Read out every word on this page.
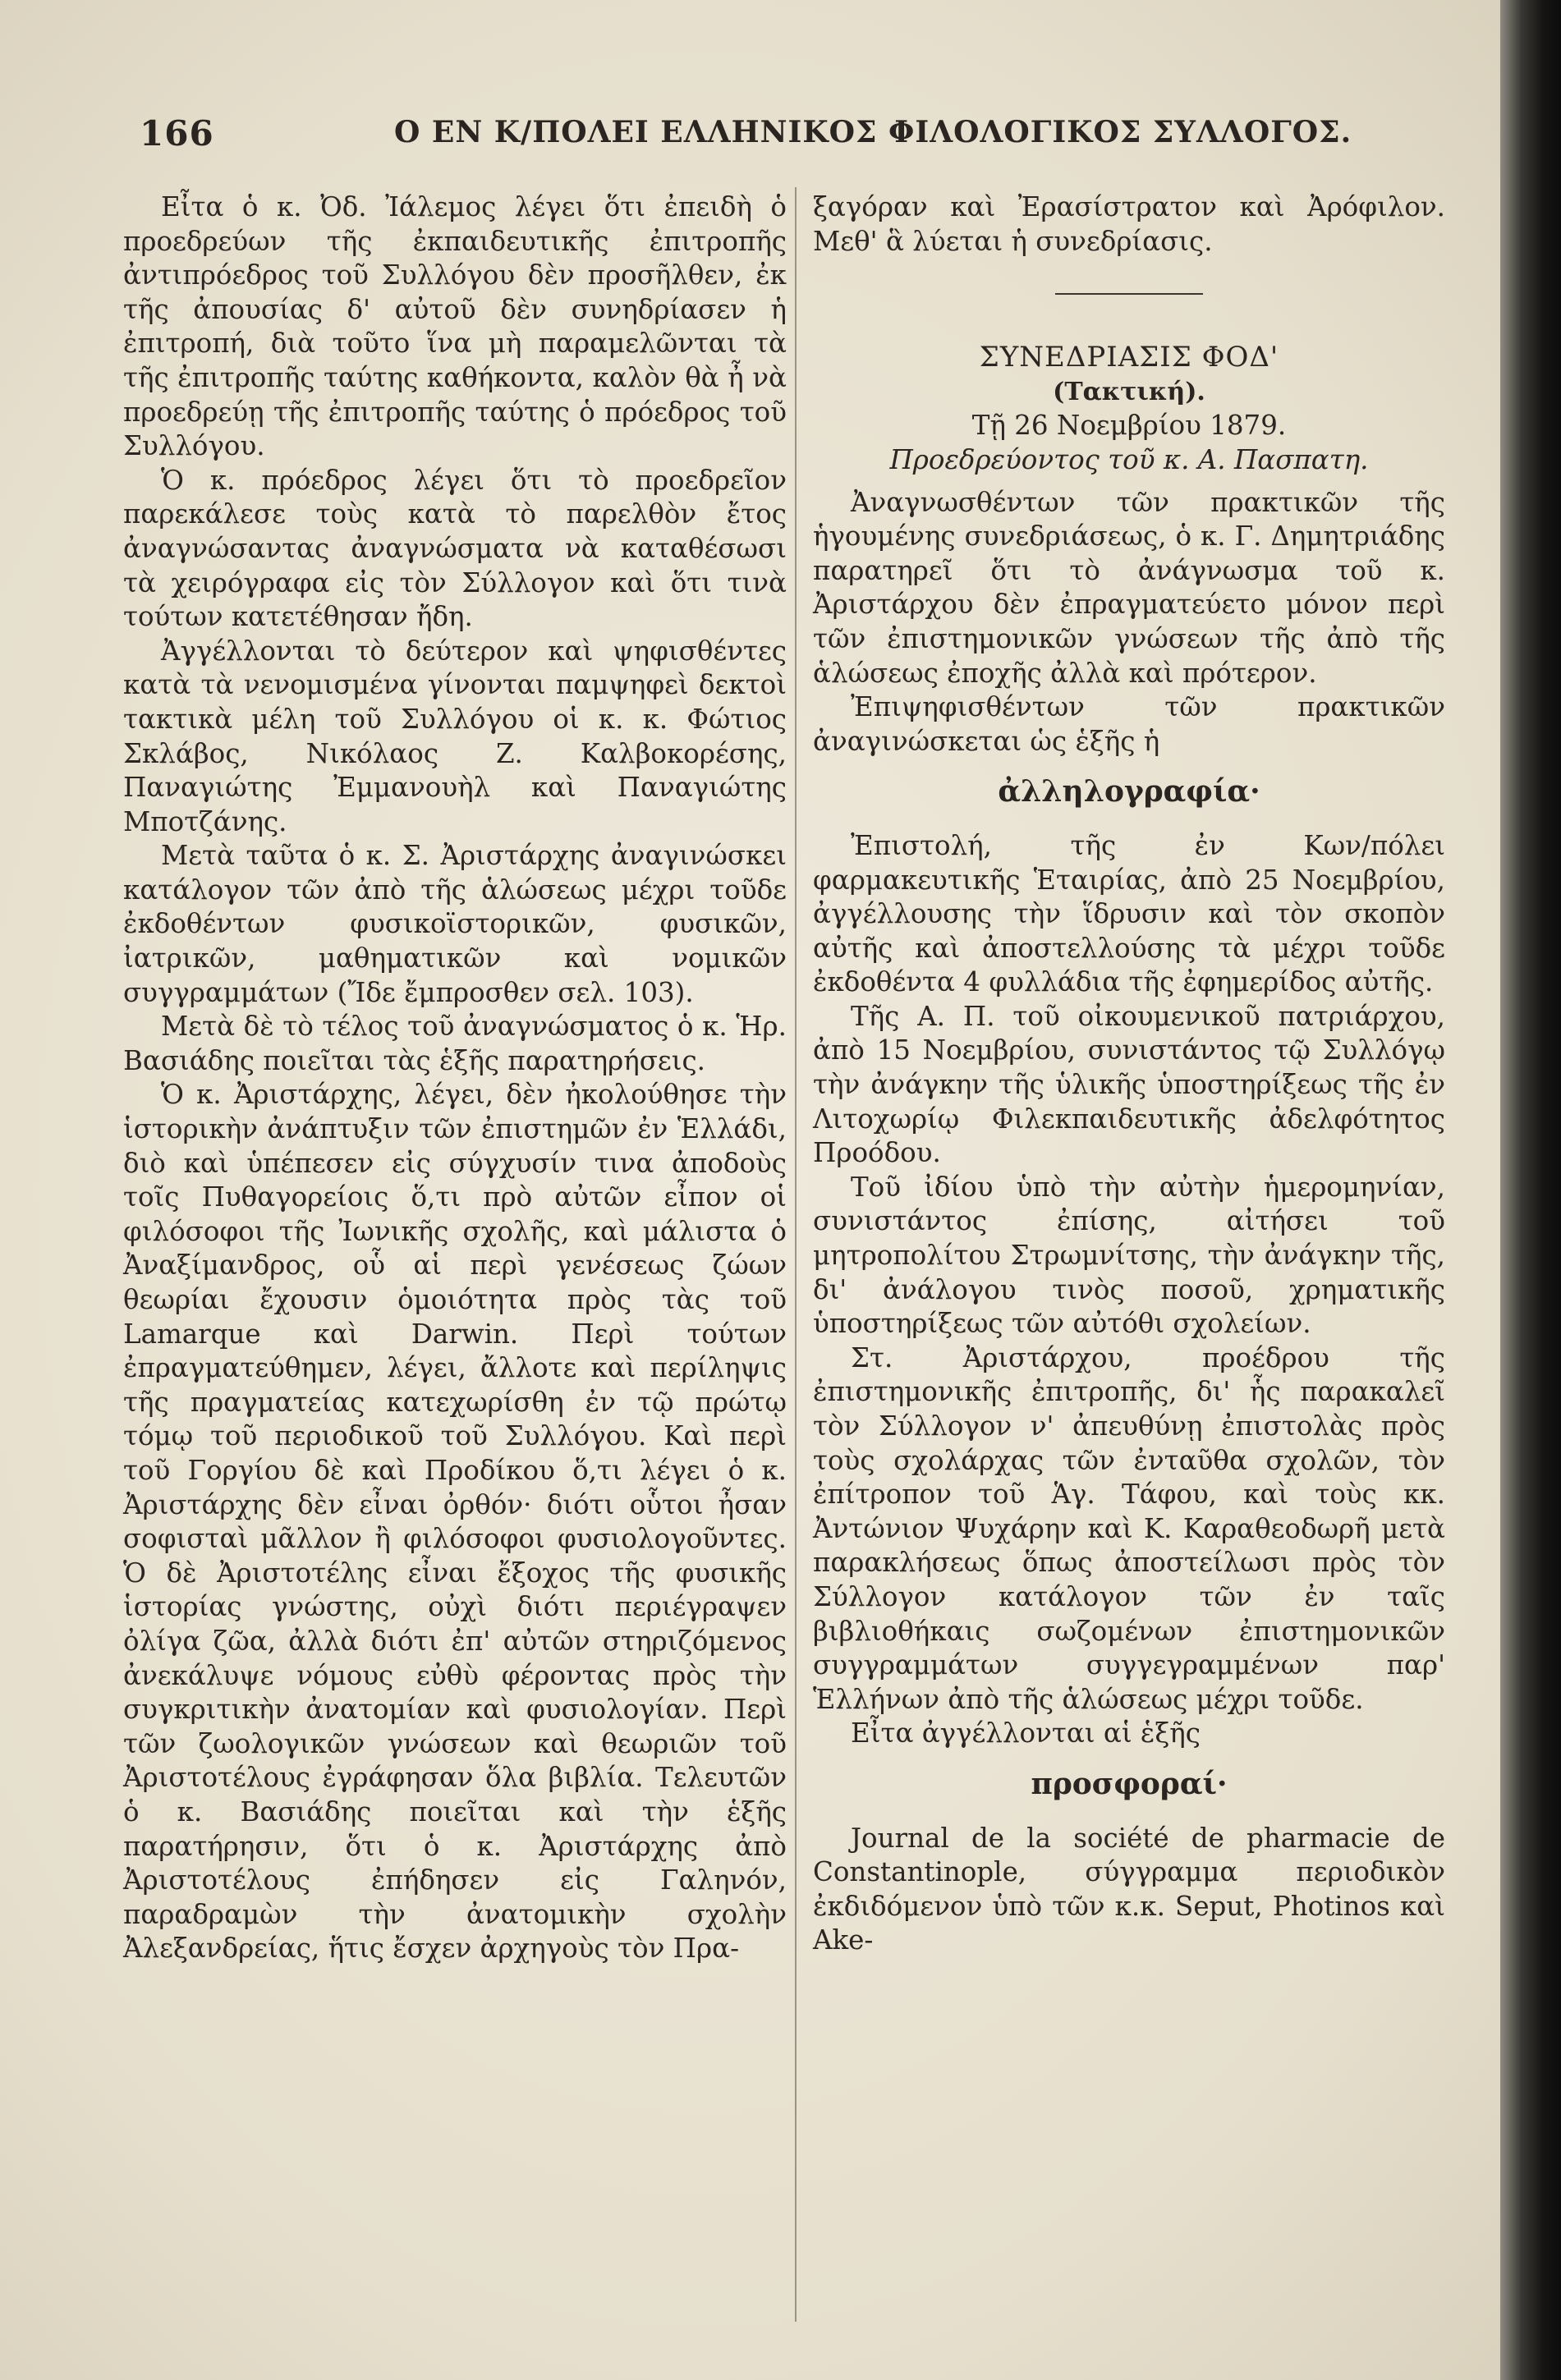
166	Ο ΕΝ Κ/ΠΟΛΕΙ ΕΛΛΗΝΙΚΟΣ ΦΙΛΟΛΟΓΙΚΟΣ ΣΥΛΛΟΓΟΣ.

Εἶτα ὁ κ. Ὀδ. Ἰάλεμος λέγει ὅτι ἐπειδὴ ὁ προεδρεύων τῆς ἐκπαιδευτικῆς ἐπιτροπῆς ἀντιπρόεδρος τοῦ Συλλόγου δὲν προσῆλθεν, ἐκ τῆς ἀπουσίας δ' αὐτοῦ δὲν συνηδρίασεν ἡ ἐπιτροπή, διὰ τοῦτο ἵνα μὴ παραμελῶνται τὰ τῆς ἐπιτροπῆς ταύτης καθήκοντα, καλὸν θὰ ἦ νὰ προεδρεύῃ τῆς ἐπιτροπῆς ταύτης ὁ πρόεδρος τοῦ Συλλόγου.

Ὁ κ. πρόεδρος λέγει ὅτι τὸ προεδρεῖον παρεκάλεσε τοὺς κατὰ τὸ παρελθὸν ἔτος ἀναγνώσαντας ἀναγνώσματα νὰ καταθέσωσι τὰ χειρόγραφα εἰς τὸν Σύλλογον καὶ ὅτι τινὰ τούτων κατετέθησαν ἤδη.

Ἀγγέλλονται τὸ δεύτερον καὶ ψηφισθέντες κατὰ τὰ νενομισμένα γίνονται παμψηφεὶ δεκτοὶ τακτικὰ μέλη τοῦ Συλλόγου οἱ κ. κ. Φώτιος Σκλάβος, Νικόλαος Ζ. Καλβοκορέσης, Παναγιώτης Ἐμμανουὴλ καὶ Παναγιώτης Μποτζάνης.

Μετὰ ταῦτα ὁ κ. Σ. Ἀριστάρχης ἀναγινώσκει κατάλογον τῶν ἀπὸ τῆς ἁλώσεως μέχρι τοῦδε ἐκδοθέντων φυσικοϊστορικῶν, φυσικῶν, ἰατρικῶν, μαθηματικῶν καὶ νομικῶν συγγραμμάτων (Ἴδε ἔμπροσθεν σελ. 103).

Μετὰ δὲ τὸ τέλος τοῦ ἀναγνώσματος ὁ κ. Ἡρ. Βασιάδης ποιεῖται τὰς ἑξῆς παρατηρήσεις.

Ὁ κ. Ἀριστάρχης, λέγει, δὲν ἠκολούθησε τὴν ἱστορικὴν ἀνάπτυξιν τῶν ἐπιστημῶν ἐν Ἑλλάδι, διὸ καὶ ὑπέπεσεν εἰς σύγχυσίν τινα ἀποδοὺς τοῖς Πυθαγορείοις ὅ,τι πρὸ αὐτῶν εἶπον οἱ φιλόσοφοι τῆς Ἰωνικῆς σχολῆς, καὶ μάλιστα ὁ Ἀναξίμανδρος, οὗ αἱ περὶ γενέσεως ζώων θεωρίαι ἔχουσιν ὁμοιότητα πρὸς τὰς τοῦ Lamarque καὶ Darwin. Περὶ τούτων ἐπραγματεύθημεν, λέγει, ἄλλοτε καὶ περίληψις τῆς πραγματείας κατεχωρίσθη ἐν τῷ πρώτῳ τόμῳ τοῦ περιοδικοῦ τοῦ Συλλόγου. Καὶ περὶ τοῦ Γοργίου δὲ καὶ Προδίκου ὅ,τι λέγει ὁ κ. Ἀριστάρχης δὲν εἶναι ὀρθόν· διότι οὗτοι ἦσαν σοφισταὶ μᾶλλον ἢ φιλόσοφοι φυσιολογοῦντες. Ὁ δὲ Ἀριστοτέλης εἶναι ἔξοχος τῆς φυσικῆς ἱστορίας γνώστης, οὐχὶ διότι περιέγραψεν ὀλίγα ζῶα, ἀλλὰ διότι ἐπ' αὐτῶν στηριζόμενος ἀνεκάλυψε νόμους εὐθὺ φέροντας πρὸς τὴν συγκριτικὴν ἀνατομίαν καὶ φυσιολογίαν. Περὶ τῶν ζωολογικῶν γνώσεων καὶ θεωριῶν τοῦ Ἀριστοτέλους ἐγράφησαν ὅλα βιβλία. Τελευτῶν ὁ κ. Βασιάδης ποιεῖται καὶ τὴν ἑξῆς παρατήρησιν, ὅτι ὁ κ. Ἀριστάρχης ἀπὸ Ἀριστοτέλους ἐπήδησεν εἰς Γαληνόν, παραδραμὼν τὴν ἀνατομικὴν σχολὴν Ἀλεξανδρείας, ἥτις ἔσχεν ἀρχηγοὺς τὸν Πρα-

ξαγόραν καὶ Ἐρασίστρατον καὶ Ἀρόφιλον. Μεθ' ἃ λύεται ἡ συνεδρίασις.

ΣΥΝΕΔΡΙΑΣΙΣ ΦΟΔ'

(Τακτική).

Τῇ 26 Νοεμβρίου 1879.

Προεδρεύοντος τοῦ κ. Α. Πασπατη.

Ἀναγνωσθέντων τῶν πρακτικῶν τῆς ἡγουμένης συνεδριάσεως, ὁ κ. Γ. Δημητριάδης παρατηρεῖ ὅτι τὸ ἀνάγνωσμα τοῦ κ. Ἀριστάρχου δὲν ἐπραγματεύετο μόνον περὶ τῶν ἐπιστημονικῶν γνώσεων τῆς ἀπὸ τῆς ἁλώσεως ἐποχῆς ἀλλὰ καὶ πρότερον.

Ἐπιψηφισθέντων τῶν πρακτικῶν ἀναγινώσκεται ὡς ἑξῆς ἡ

ἀλληλογραφία·

Ἐπιστολή, τῆς ἐν Κων/πόλει φαρμακευτικῆς Ἑταιρίας, ἀπὸ 25 Νοεμβρίου, ἀγγέλλουσης τὴν ἵδρυσιν καὶ τὸν σκοπὸν αὐτῆς καὶ ἀποστελλούσης τὰ μέχρι τοῦδε ἐκδοθέντα 4 φυλλάδια τῆς ἐφημερίδος αὐτῆς.

Τῆς Α. Π. τοῦ οἰκουμενικοῦ πατριάρχου, ἀπὸ 15 Νοεμβρίου, συνιστάντος τῷ Συλλόγῳ τὴν ἀνάγκην τῆς ὑλικῆς ὑποστηρίξεως τῆς ἐν Λιτοχωρίῳ Φιλεκπαιδευτικῆς ἀδελφότητος Προόδου.

Τοῦ ἰδίου ὑπὸ τὴν αὐτὴν ἡμερομηνίαν, συνιστάντος ἐπίσης, αἰτήσει τοῦ μητροπολίτου Στρωμνίτσης, τὴν ἀνάγκην τῆς, δι' ἀνάλογου τινὸς ποσοῦ, χρηματικῆς ὑποστηρίξεως τῶν αὐτόθι σχολείων.

Στ. Ἀριστάρχου, προέδρου τῆς ἐπιστημονικῆς ἐπιτροπῆς, δι' ἧς παρακαλεῖ τὸν Σύλλογον ν' ἀπευθύνῃ ἐπιστολὰς πρὸς τοὺς σχολάρχας τῶν ἐνταῦθα σχολῶν, τὸν ἐπίτροπον τοῦ Ἁγ. Τάφου, καὶ τοὺς κκ. Ἀντώνιον Ψυχάρην καὶ Κ. Καραθεοδωρῆ μετὰ παρακλήσεως ὅπως ἀποστείλωσι πρὸς τὸν Σύλλογον κατάλογον τῶν ἐν ταῖς βιβλιοθήκαις σωζομένων ἐπιστημονικῶν συγγραμμάτων συγγεγραμμένων παρ' Ἑλλήνων ἀπὸ τῆς ἁλώσεως μέχρι τοῦδε.

Εἶτα ἀγγέλλονται αἱ ἑξῆς

προσφοραί·

Journal de la société de pharmacie de Constantinople, σύγγραμμα περιοδικὸν ἐκδιδόμενον ὑπὸ τῶν κ.κ. Seput, Photinos καὶ Ake-
